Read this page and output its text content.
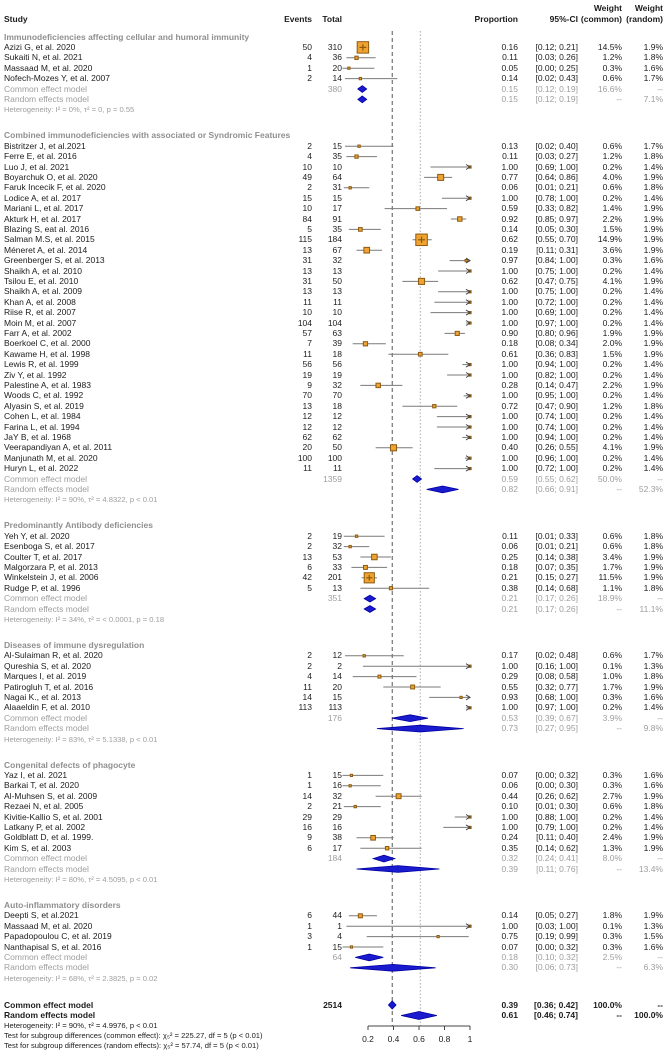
Weight Weight
Study	Events Total	Proportion	95%-CI (common) (random)
Immunodeficiencies affecting cellular and humoral immunity
Azizi G, et al. 2020	50 310	0.16 [0.12; 0.21] 14.5%	1.9%
Sukaiti N, et al. 2021	4 36	0.11 [0.03; 0.26]	1.2%	1.8%
Massaad M, et al. 2020	1 20	0.05 [0.00; 0.25]	0.3%	1.6%
Nofech-Mozes Y, et al. 2007	2 14	0.14 [0.02; 0.43]	0.6%	1.7%
Common effect model	380	0.15 [0.12; 0.19] 16.6%	--
Random effects model	0.15 [0.12; 0.19]	--	7.1%
Heterogeneity: I² = 0%, τ² = 0, p = 0.55
Combined immunodeficiencies with associated or Syndromic Features
Bistritzer J, et al.2021	2 15	0.13 [0.02; 0.40]	0.6%	1.7%
Ferre E, et al. 2016	4 35	0.11 [0.03; 0.27]	1.2%	1.8%
Luo J, et al. 2021	10 10	1.00 [0.69; 1.00]	0.2%	1.4%
Boyarchuk O, et al. 2020	49 64	0.77 [0.64; 0.86]	4.0%	1.9%
Faruk Incecik F, et al. 2020	2 31	0.06 [0.01; 0.21]	0.6%	1.8%
Lodice A, et al. 2017	15 15	1.00 [0.78; 1.00]	0.2%	1.4%
Mariani L, et al. 2017	10 17	0.59 [0.33; 0.82]	1.4%	1.9%
Akturk H, et al. 2017	84 91	0.92 [0.85; 0.97]	2.2%	1.9%
Blazing S, eat al. 2016	5 35	0.14 [0.05; 0.30]	1.5%	1.9%
Salman M.S, et al. 2015	115 184	0.62 [0.55; 0.70] 14.9%	1.9%
Méneret A, et al. 2014	13 67	0.19 [0.11; 0.31]	3.6%	1.9%
Greenberger S, et al. 2013	31 32	0.97 [0.84; 1.00]	0.3%	1.6%
Shaikh A, et al. 2010	13 13	1.00 [0.75; 1.00]	0.2%	1.4%
Tsilou E, et al. 2010	31 50	0.62 [0.47; 0.75]	4.1%	1.9%
Shaikh A, et al. 2009	13 13	1.00 [0.75; 1.00]	0.2%	1.4%
Khan A, et al. 2008	11 11	1.00 [0.72; 1.00]	0.2%	1.4%
Riise R, et al. 2007	10 10	1.00 [0.69; 1.00]	0.2%	1.4%
Moin M, et al. 2007	104 104	1.00 [0.97; 1.00]	0.2%	1.4%
Farr A, et al. 2002	57 63	0.90 [0.80; 0.96]	1.9%	1.9%
Boerkoel C, et al. 2000	7 39	0.18 [0.08; 0.34]	2.0%	1.9%
Kawame H, et al. 1998	11 18	0.61 [0.36; 0.83]	1.5%	1.9%
Lewis R, et al. 1999	56 56	1.00 [0.94; 1.00]	0.2%	1.4%
Ziv Y, et al. 1992	19 19	1.00 [0.82; 1.00]	0.2%	1.4%
Palestine A, et al. 1983	9 32	0.28 [0.14; 0.47]	2.2%	1.9%
Woods C, et al. 1992	70 70	1.00 [0.95; 1.00]	0.2%	1.4%
Alyasin S, et al. 2019	13 18	0.72 [0.47; 0.90]	1.2%	1.8%
Cohen L, et al. 1984	12 12	1.00 [0.74; 1.00]	0.2%	1.4%
Farina L, et al. 1994	12 12	1.00 [0.74; 1.00]	0.2%	1.4%
JaY B, et al. 1968	62 62	1.00 [0.94; 1.00]	0.2%	1.4%
Veerapandiyan A, et al. 2011	20 50	0.40 [0.26; 0.55]	4.1%	1.9%
Manjunath M, et al. 2020	100 100	1.00 [0.96; 1.00]	0.2%	1.4%
Huryn L, et al. 2022	11 11	1.00 [0.72; 1.00]	0.2%	1.4%
Common effect model	1359	0.59 [0.55; 0.62] 50.0%	--
Random effects model	0.82 [0.66; 0.91]	-- 52.3%
Heterogeneity: I² = 90%, τ² = 4.8322, p < 0.01
Predominantly Antibody deficiencies
Yeh Y, et al. 2020	2 19	0.11 [0.01; 0.33]	0.6%	1.8%
Esenboga S, et al. 2017	2 32	0.06 [0.01; 0.21]	0.6%	1.8%
Coulter T, et al. 2017	13 53	0.25 [0.14; 0.38]	3.4%	1.9%
Malgorzara P, et al. 2013	6 33	0.18 [0.07; 0.35]	1.7%	1.9%
Winkelstein J, et al. 2006	42 201	0.21 [0.15; 0.27] 11.5%	1.9%
Rudge P, et al. 1996	5 13	0.38 [0.14; 0.68]	1.1%	1.8%
Common effect model	351	0.21 [0.17; 0.26] 18.9%	--
Random effects model	0.21 [0.17; 0.26]	-- 11.1%
Heterogeneity: I² = 34%, τ² = < 0.0001, p = 0.18
Diseases of immune dysregulation
Al-Sulaiman R, et al. 2020	2 12	0.17 [0.02; 0.48]	0.6%	1.7%
Qureshia S, et al. 2020	2	2	1.00 [0.16; 1.00]	0.1%	1.3%
Marques I, et al. 2019	4 14	0.29 [0.08; 0.58]	1.0%	1.8%
Patirogluh T, et al. 2016	11 20	0.55 [0.32; 0.77]	1.7%	1.9%
Nagai K., et al. 2013	14 15	0.93 [0.68; 1.00]	0.3%	1.6%
Alaaeldin F, et al. 2010	113 113	1.00 [0.97; 1.00]	0.2%	1.4%
Common effect model	176	0.53 [0.39; 0.67]	3.9%	--
Random effects model	0.73 [0.27; 0.95]	--	9.8%
Heterogeneity: I² = 83%, τ² = 5.1338, p < 0.01
Congenital defects of phagocyte
Yaz I, et al. 2021	1 15	0.07 [0.00; 0.32]	0.3%	1.6%
Barkai T, et al. 2020	1 16	0.06 [0.00; 0.30]	0.3%	1.6%
Al-Muhsen S, et al. 2009	14 32	0.44 [0.26; 0.62]	2.7%	1.9%
Rezaei N, et al. 2005	2 21	0.10 [0.01; 0.30]	0.6%	1.8%
Kivitie-Kallio S, et al. 2001	29 29	1.00 [0.88; 1.00]	0.2%	1.4%
Latkany P, et al. 2002	16 16	1.00 [0.79; 1.00]	0.2%	1.4%
Goldblatt D, et al. 1999.	9 38	0.24 [0.11; 0.40]	2.4%	1.9%
Kim S, et al. 2003	6 17	0.35 [0.14; 0.62]	1.3%	1.9%
Common effect model	184	0.32 [0.24; 0.41]	8.0%	--
Random effects model	0.39 [0.11; 0.76]	-- 13.4%
Heterogeneity: I² = 80%, τ² = 4.5095, p < 0.01
Auto-inflammatory disorders
Deepti S, et al.2021	6 44	0.14 [0.05; 0.27]	1.8%	1.9%
Massaad M, et al. 2020	1	1	1.00 [0.03; 1.00]	0.1%	1.3%
Papadopoulou C, et al. 2019	3	4	0.75 [0.19; 0.99]	0.3%	1.5%
Nanthapisal S, et al. 2016	1 15	0.07 [0.00; 0.32]	0.3%	1.6%
Common effect model	64	0.18 [0.10; 0.32]	2.5%	--
Random effects model	0.30 [0.06; 0.73]	--	6.3%
Heterogeneity: I² = 68%, τ² = 2.3825, p = 0.02
Common effect model	2514	0.39 [0.36; 0.42] 100.0%	--
Random effects model	0.61 [0.46; 0.74]	-- 100.0%
Heterogeneity: I² = 90%, τ² = 4.9976, p < 0.01
Test for subgroup differences (common effect): χ₅² = 225.27, df = 5 (p < 0.01)
Test for subgroup differences (random effects): χ₅² = 57.74, df = 5 (p < 0.01)
0.2	0.4	0.6	0.8	1
